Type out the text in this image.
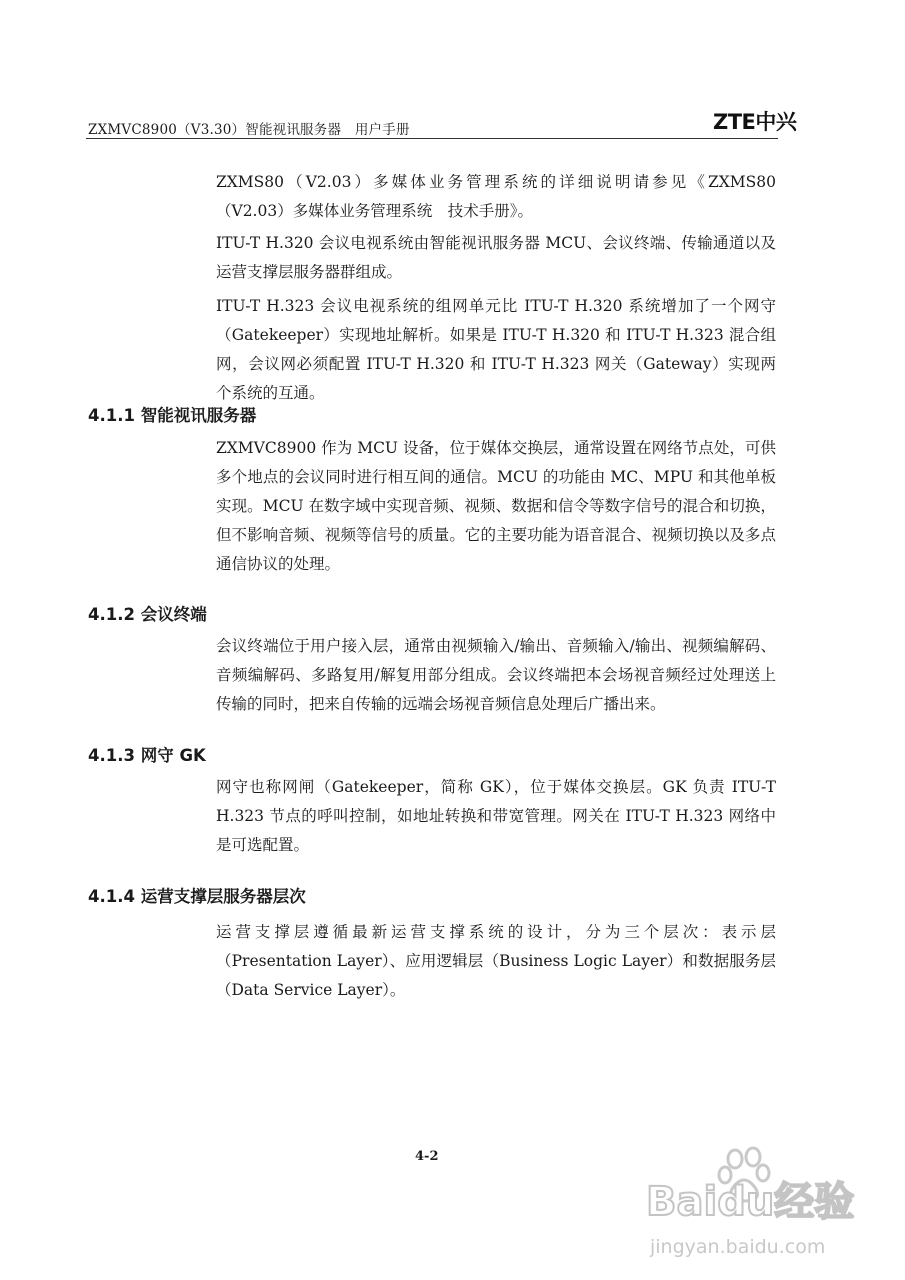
ZXMVC8900（V3.30）智能视讯服务器　用户手册	ZTE中兴

ZXMS80（V2.03）多媒体业务管理系统的详细说明请参见《ZXMS80（V2.03）多媒体业务管理系统　技术手册》。

ITU-T H.320 会议电视系统由智能视讯服务器 MCU、会议终端、传输通道以及运营支撑层服务器群组成。

ITU-T H.323 会议电视系统的组网单元比 ITU-T H.320 系统增加了一个网守（Gatekeeper）实现地址解析。如果是 ITU-T H.320 和 ITU-T H.323 混合组网，会议网必须配置 ITU-T H.320 和 ITU-T H.323 网关（Gateway）实现两个系统的互通。

4.1.1 智能视讯服务器

ZXMVC8900 作为 MCU 设备，位于媒体交换层，通常设置在网络节点处，可供多个地点的会议同时进行相互间的通信。MCU 的功能由 MC、MPU 和其他单板实现。MCU 在数字域中实现音频、视频、数据和信令等数字信号的混合和切换，但不影响音频、视频等信号的质量。它的主要功能为语音混合、视频切换以及多点通信协议的处理。

4.1.2 会议终端

会议终端位于用户接入层，通常由视频输入/输出、音频输入/输出、视频编解码、音频编解码、多路复用/解复用部分组成。会议终端把本会场视音频经过处理送上传输的同时，把来自传输的远端会场视音频信息处理后广播出来。

4.1.3 网守 GK

网守也称网闸（Gatekeeper，简称 GK），位于媒体交换层。GK 负责 ITU-T H.323 节点的呼叫控制，如地址转换和带宽管理。网关在 ITU-T H.323 网络中是可选配置。

4.1.4 运营支撑层服务器层次

运营支撑层遵循最新运营支撑系统的设计，分为三个层次：表示层（Presentation Layer）、应用逻辑层（Business Logic Layer）和数据服务层（Data Service Layer）。

4-2
Baidu经验
jingyan.baidu.com
